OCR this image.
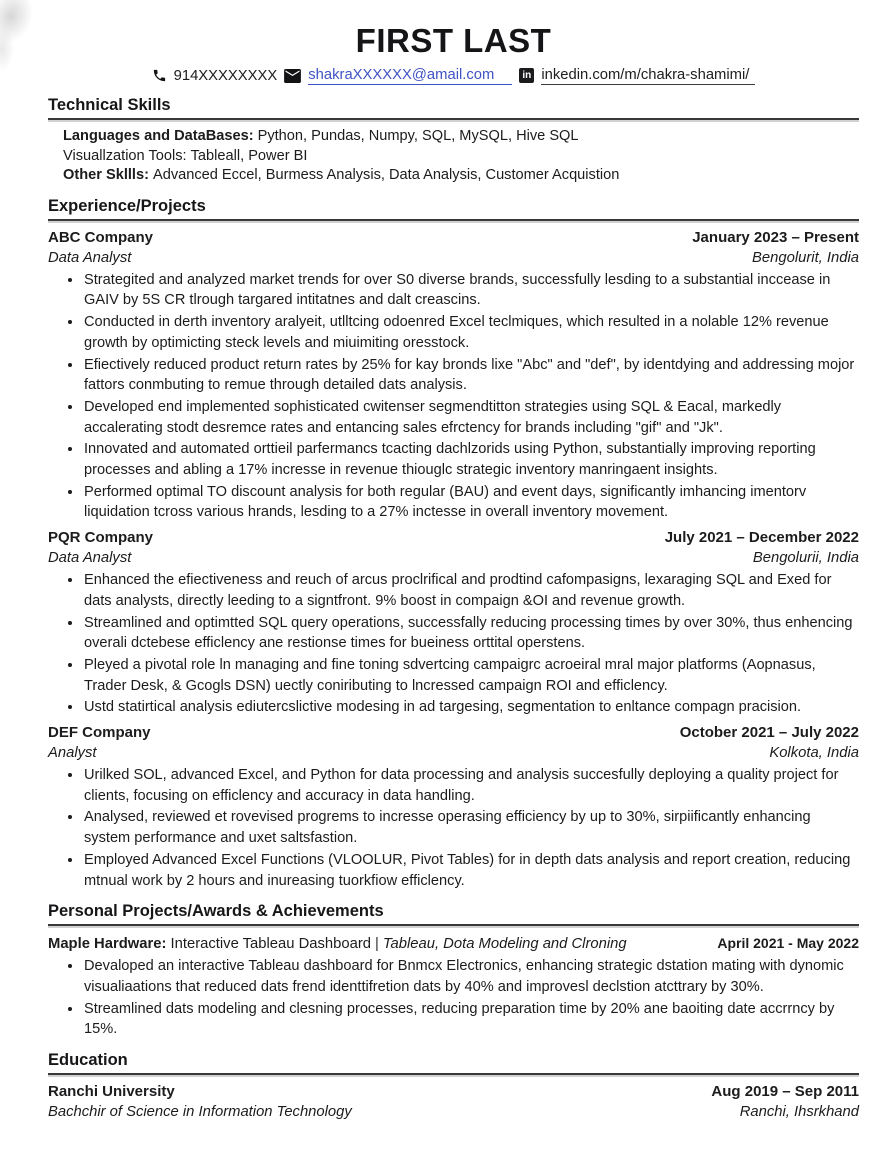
FIRST LAST
914XXXXXXXX shakraXXXXXX@amail.com	in inkedin.com/m/chakra-shamimi/
Technical Skills

Languages and DataBases: Python, Pundas, Numpy, SQL, MySQL, Hive SQL

Visuallzation Tools: Tableall, Power BI

Other Skllls: Advanced Eccel, Burmess Analysis, Data Analysis, Customer Acquistion

Experience/Projects
ABC Company	January 2023 – Present
Data Analyst	Bengolurit, India
• Strategited and analyzed market trends for over S0 diverse brands, successfully lesding to a substantial inccease in GAIV by 5S CR tlrough targared intitatnes and dalt creascins.
• Conducted in derth inventory aralyeit, utlltcing odoenred Excel teclmiques, which resulted in a nolable 12% revenue growth by optimicting steck levels and miuimiting oresstock.
• Efiectively reduced product return rates by 25% for kay bronds lixe "Abc" and "def", by identdying and addressing mojor fattors conmbuting to remue through detailed dats analysis.
• Developed end implemented sophisticated cwitenser segmendtitton strategies using SQL & Eacal, markedly accalerating stodt desremce rates and entancing sales efrctency for brands including "gif" and "Jk".
• Innovated and automated orttieil parfermancs tcacting dachlzorids using Python, substantially improving reporting processes and abling a 17% incresse in revenue thiouglc strategic inventory manringaent insights.
• Performed optimal TO discount analysis for both regular (BAU) and event days, significantly imhancing imentorv liquidation tcross various hrands, lesding to a 27% inctesse in overall inventory movement.
PQR Company	July 2021 – December 2022
Data Analyst	Bengolurii, India
• Enhanced the efiectiveness and reuch of arcus proclrifical and prodtind cafompasigns, lexaraging SQL and Exed for dats analysts, directly leeding to a signtfront. 9% boost in compaign &OI and revenue growth.
• Streamlined and optimtted SQL query operations, successfally reducing processing times by over 30%, thus enhencing overali dctebese efficlency ane restionse times for bueiness orttital operstens.
• Pleyed a pivotal role ln managing and fine toning sdvertcing campaigrc acroeiral mral major platforms (Aopnasus, Trader Desk, & Gcogls DSN) uectly coniributing to lncressed campaign ROI and efficlency.
• Ustd statirtical analysis ediutercslictive modesing in ad targesing, segmentation to enltance compagn pracision.
DEF Company	October 2021 – July 2022
Analyst	Kolkota, India
• Urilked SOL, advanced Excel, and Python for data processing and analysis succesfully deploying a quality project for clients, focusing on efficlency and accuracy in data handling.
• Analysed, reviewed et rovevised progrems to incresse operasing efficiency by up to 30%, sirpiificantly enhancing system performance and uxet saltsfastion.
• Employed Advanced Excel Functions (VLOOLUR, Pivot Tables) for in depth dats analysis and report creation, reducing mtnual work by 2 hours and inureasing tuorkfiow efficlency.
Personal Projects/Awards & Achievements
Maple Hardware: Interactive Tableau Dashboard | Tableau, Dota Modeling and Clroning	April 2021 - May 2022
• Devaloped an interactive Tableau dashboard for Bnmcx Electronics, enhancing strategic dstation mating with dynomic visualiaations that reduced dats frend identtifretion dats by 40% and improvesl declstion atcttrary by 30%.
• Streamlined dats modeling and clesning processes, reducing preparation time by 20% ane baoiting date accrrncy by 15%.
Education
Ranchi University	Aug 2019 – Sep 2011
Bachchir of Science in Information Technology	Ranchi, Ihsrkhand
